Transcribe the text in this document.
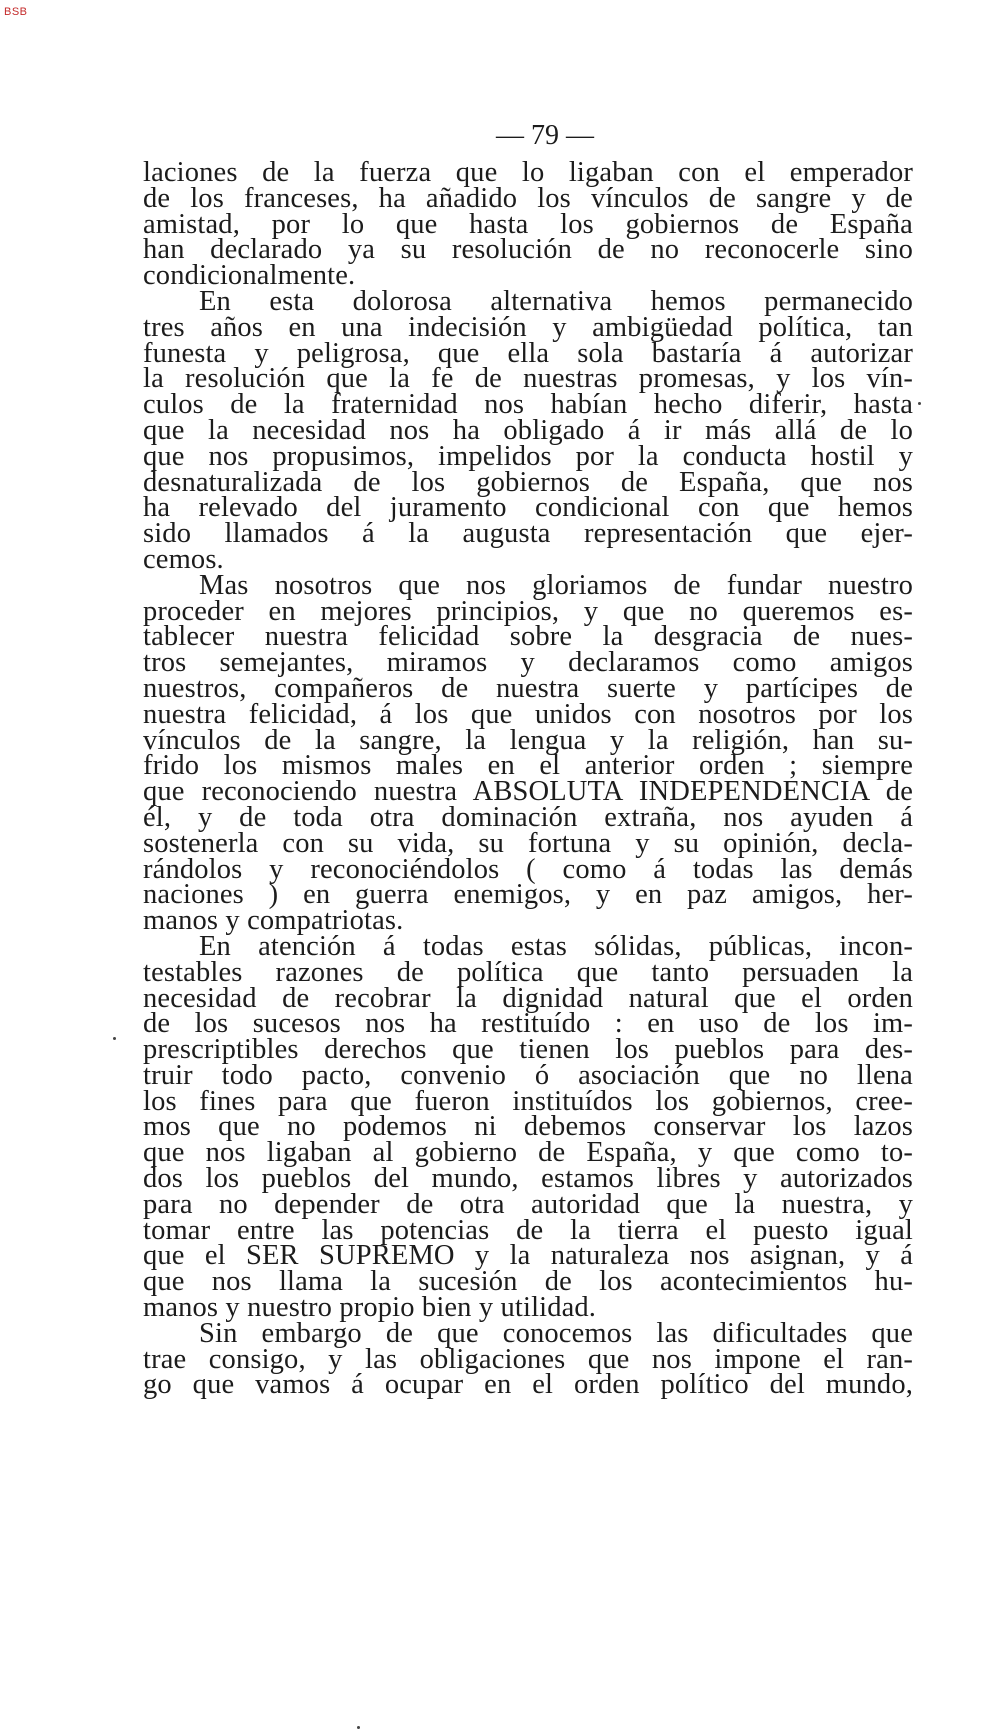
BSB
— 79 —
laciones de la fuerza que lo ligaban con el emperador
de los franceses, ha añadido los vínculos de sangre y de
amistad, por lo que hasta los gobiernos de España
han declarado ya su resolución de no reconocerle sino
condicionalmente.
En esta dolorosa alternativa hemos permanecido
tres años en una indecisión y ambigüedad política, tan
funesta y peligrosa, que ella sola bastaría á autorizar
la resolución que la fe de nuestras promesas, y los vín-
culos de la fraternidad nos habían hecho diferir, hasta
que la necesidad nos ha obligado á ir más allá de lo
que nos propusimos, impelidos por la conducta hostil y
desnaturalizada de los gobiernos de España, que nos
ha relevado del juramento condicional con que hemos
sido llamados á la augusta representación que ejer-
cemos.
Mas nosotros que nos gloriamos de fundar nuestro
proceder en mejores principios, y que no queremos es-
tablecer nuestra felicidad sobre la desgracia de nues-
tros semejantes, miramos y declaramos como amigos
nuestros, compañeros de nuestra suerte y partícipes de
nuestra felicidad, á los que unidos con nosotros por los
vínculos de la sangre, la lengua y la religión, han su-
frido los mismos males en el anterior orden ; siempre
que reconociendo nuestra ABSOLUTA INDEPENDENCIA de
él, y de toda otra dominación extraña, nos ayuden á
sostenerla con su vida, su fortuna y su opinión, decla-
rándolos y reconociéndolos ( como á todas las demás
naciones ) en guerra enemigos, y en paz amigos, her-
manos y compatriotas.
En atención á todas estas sólidas, públicas, incon-
testables razones de política que tanto persuaden la
necesidad de recobrar la dignidad natural que el orden
de los sucesos nos ha restituído : en uso de los im-
prescriptibles derechos que tienen los pueblos para des-
truir todo pacto, convenio ó asociación que no llena
los fines para que fueron instituídos los gobiernos, cree-
mos que no podemos ni debemos conservar los lazos
que nos ligaban al gobierno de España, y que como to-
dos los pueblos del mundo, estamos libres y autorizados
para no depender de otra autoridad que la nuestra, y
tomar entre las potencias de la tierra el puesto igual
que el SER SUPREMO y la naturaleza nos asignan, y á
que nos llama la sucesión de los acontecimientos hu-
manos y nuestro propio bien y utilidad.
Sin embargo de que conocemos las dificultades que
trae consigo, y las obligaciones que nos impone el ran-
go que vamos á ocupar en el orden político del mundo,
